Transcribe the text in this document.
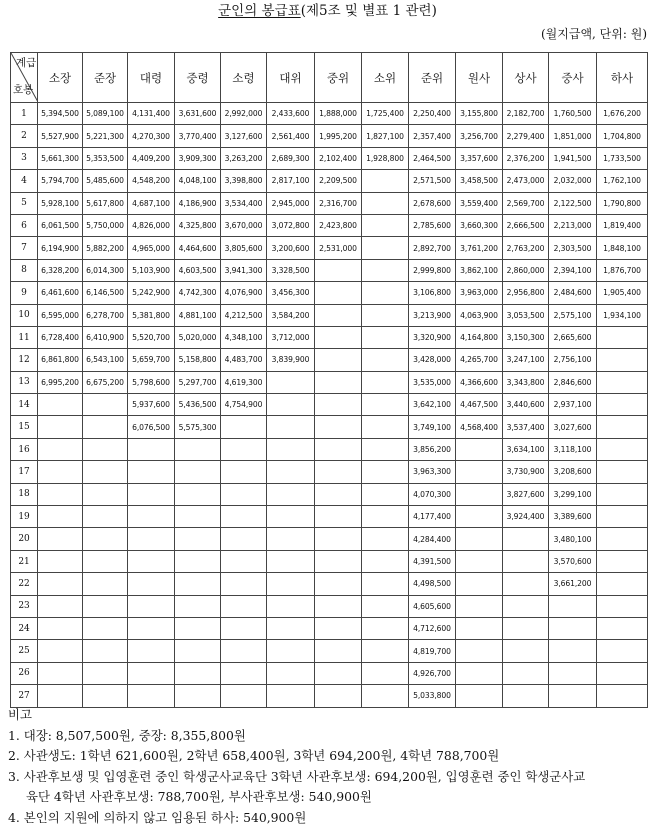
군인의 봉급표(제5조 및 별표 1 관련)
(월지급액, 단위: 원)
계급
호봉	소장	준장	대령	중령	소령	대위	중위	소위	준위	원사	상사	중사	하사
1	5,394,500	5,089,100	4,131,400	3,631,600	2,992,000	2,433,600	1,888,000	1,725,400	2,250,400	3,155,800	2,182,700	1,760,500	1,676,200
2	5,527,900	5,221,300	4,270,300	3,770,400	3,127,600	2,561,400	1,995,200	1,827,100	2,357,400	3,256,700	2,279,400	1,851,000	1,704,800
3	5,661,300	5,353,500	4,409,200	3,909,300	3,263,200	2,689,300	2,102,400	1,928,800	2,464,500	3,357,600	2,376,200	1,941,500	1,733,500
4	5,794,700	5,485,600	4,548,200	4,048,100	3,398,800	2,817,100	2,209,500		2,571,500	3,458,500	2,473,000	2,032,000	1,762,100
5	5,928,100	5,617,800	4,687,100	4,186,900	3,534,400	2,945,000	2,316,700		2,678,600	3,559,400	2,569,700	2,122,500	1,790,800
6	6,061,500	5,750,000	4,826,000	4,325,800	3,670,000	3,072,800	2,423,800		2,785,600	3,660,300	2,666,500	2,213,000	1,819,400
7	6,194,900	5,882,200	4,965,000	4,464,600	3,805,600	3,200,600	2,531,000		2,892,700	3,761,200	2,763,200	2,303,500	1,848,100
8	6,328,200	6,014,300	5,103,900	4,603,500	3,941,300	3,328,500			2,999,800	3,862,100	2,860,000	2,394,100	1,876,700
9	6,461,600	6,146,500	5,242,900	4,742,300	4,076,900	3,456,300			3,106,800	3,963,000	2,956,800	2,484,600	1,905,400
10	6,595,000	6,278,700	5,381,800	4,881,100	4,212,500	3,584,200			3,213,900	4,063,900	3,053,500	2,575,100	1,934,100
11	6,728,400	6,410,900	5,520,700	5,020,000	4,348,100	3,712,000			3,320,900	4,164,800	3,150,300	2,665,600	
12	6,861,800	6,543,100	5,659,700	5,158,800	4,483,700	3,839,900			3,428,000	4,265,700	3,247,100	2,756,100	
13	6,995,200	6,675,200	5,798,600	5,297,700	4,619,300				3,535,000	4,366,600	3,343,800	2,846,600	
14			5,937,600	5,436,500	4,754,900				3,642,100	4,467,500	3,440,600	2,937,100	
15			6,076,500	5,575,300					3,749,100	4,568,400	3,537,400	3,027,600	
16									3,856,200		3,634,100	3,118,100	
17									3,963,300		3,730,900	3,208,600	
18									4,070,300		3,827,600	3,299,100	
19									4,177,400		3,924,400	3,389,600	
20									4,284,400			3,480,100	
21									4,391,500			3,570,600	
22									4,498,500			3,661,200	
23									4,605,600				
24									4,712,600				
25									4,819,700				
26									4,926,700				
27									5,033,800				
비고
1. 대장: 8,507,500원, 중장: 8,355,800원
2. 사관생도: 1학년 621,600원, 2학년 658,400원, 3학년 694,200원, 4학년 788,700원
3. 사관후보생 및 입영훈련 중인 학생군사교육단 3학년 사관후보생: 694,200원, 입영훈련 중인 학생군사교
육단 4학년 사관후보생: 788,700원, 부사관후보생: 540,900원
4. 본인의 지원에 의하지 않고 임용된 하사: 540,900원
